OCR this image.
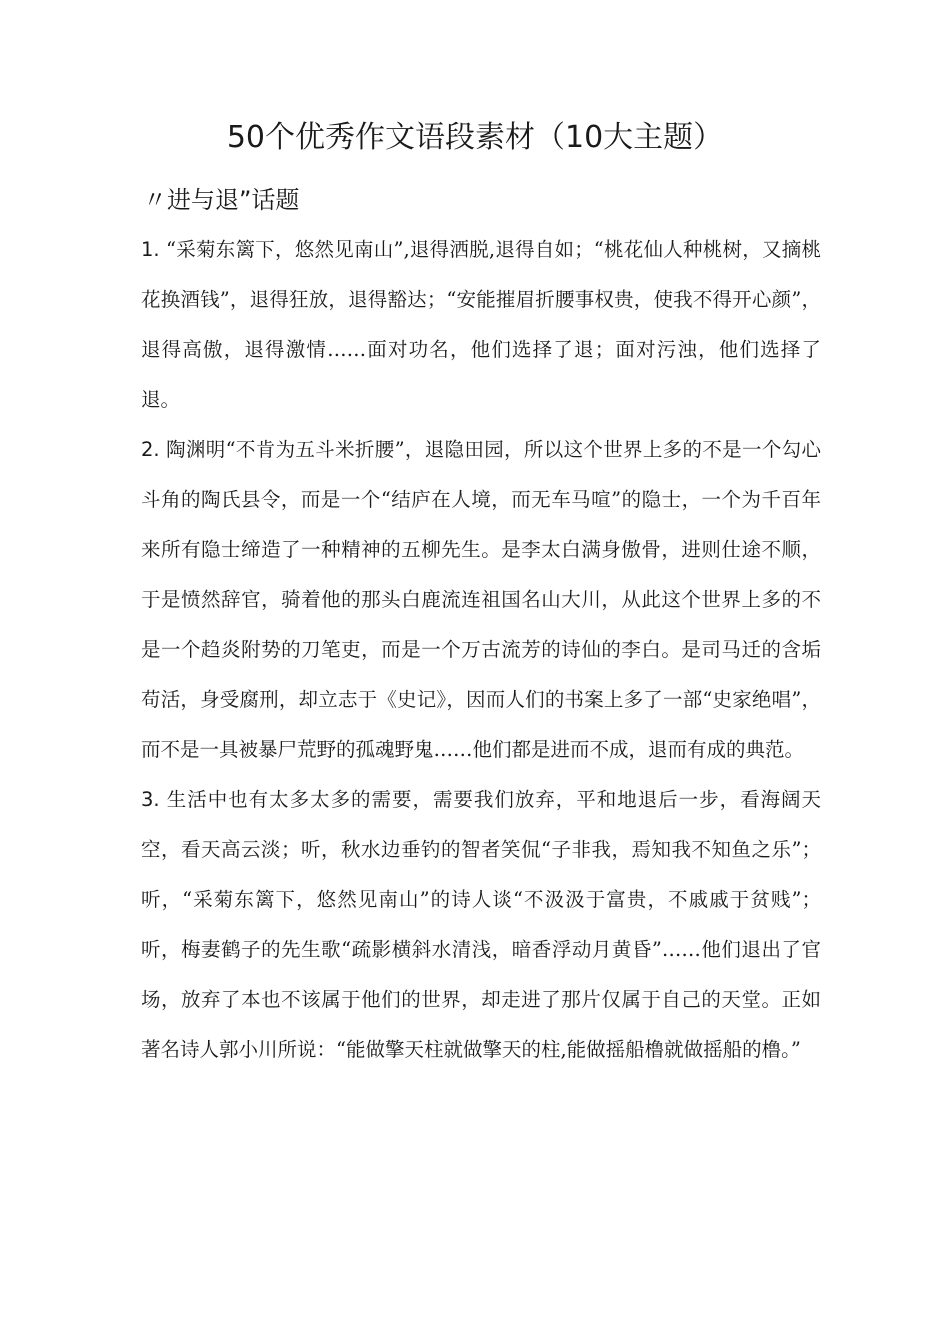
50个优秀作文语段素材（10大主题）
〃进与退”话题

1. “采菊东篱下，悠然见南山”,退得洒脱,退得自如；“桃花仙人种桃树，又摘桃花换酒钱”，退得狂放，退得豁达；“安能摧眉折腰事权贵，使我不得开心颜”，退得高傲，退得激情……面对功名，他们选择了退；面对污浊，他们选择了退。

2. 陶渊明“不肯为五斗米折腰”，退隐田园，所以这个世界上多的不是一个勾心斗角的陶氏县令，而是一个“结庐在人境，而无车马喧”的隐士，一个为千百年来所有隐士缔造了一种精神的五柳先生。是李太白满身傲骨，进则仕途不顺，于是愤然辞官，骑着他的那头白鹿流连祖国名山大川，从此这个世界上多的不是一个趋炎附势的刀笔吏，而是一个万古流芳的诗仙的李白。是司马迁的含垢苟活，身受腐刑，却立志于《史记》，因而人们的书案上多了一部“史家绝唱”，而不是一具被暴尸荒野的孤魂野鬼……他们都是进而不成，退而有成的典范。

3. 生活中也有太多太多的需要，需要我们放弃，平和地退后一步，看海阔天空，看天高云淡；听，秋水边垂钓的智者笑侃“子非我，焉知我不知鱼之乐”；听，“采菊东篱下，悠然见南山”的诗人谈“不汲汲于富贵，不戚戚于贫贱”；听，梅妻鹤子的先生歌“疏影横斜水清浅，暗香浮动月黄昏”……他们退出了官场，放弃了本也不该属于他们的世界，却走进了那片仅属于自己的天堂。正如著名诗人郭小川所说：“能做擎天柱就做擎天的柱,能做摇船橹就做摇船的橹。”
